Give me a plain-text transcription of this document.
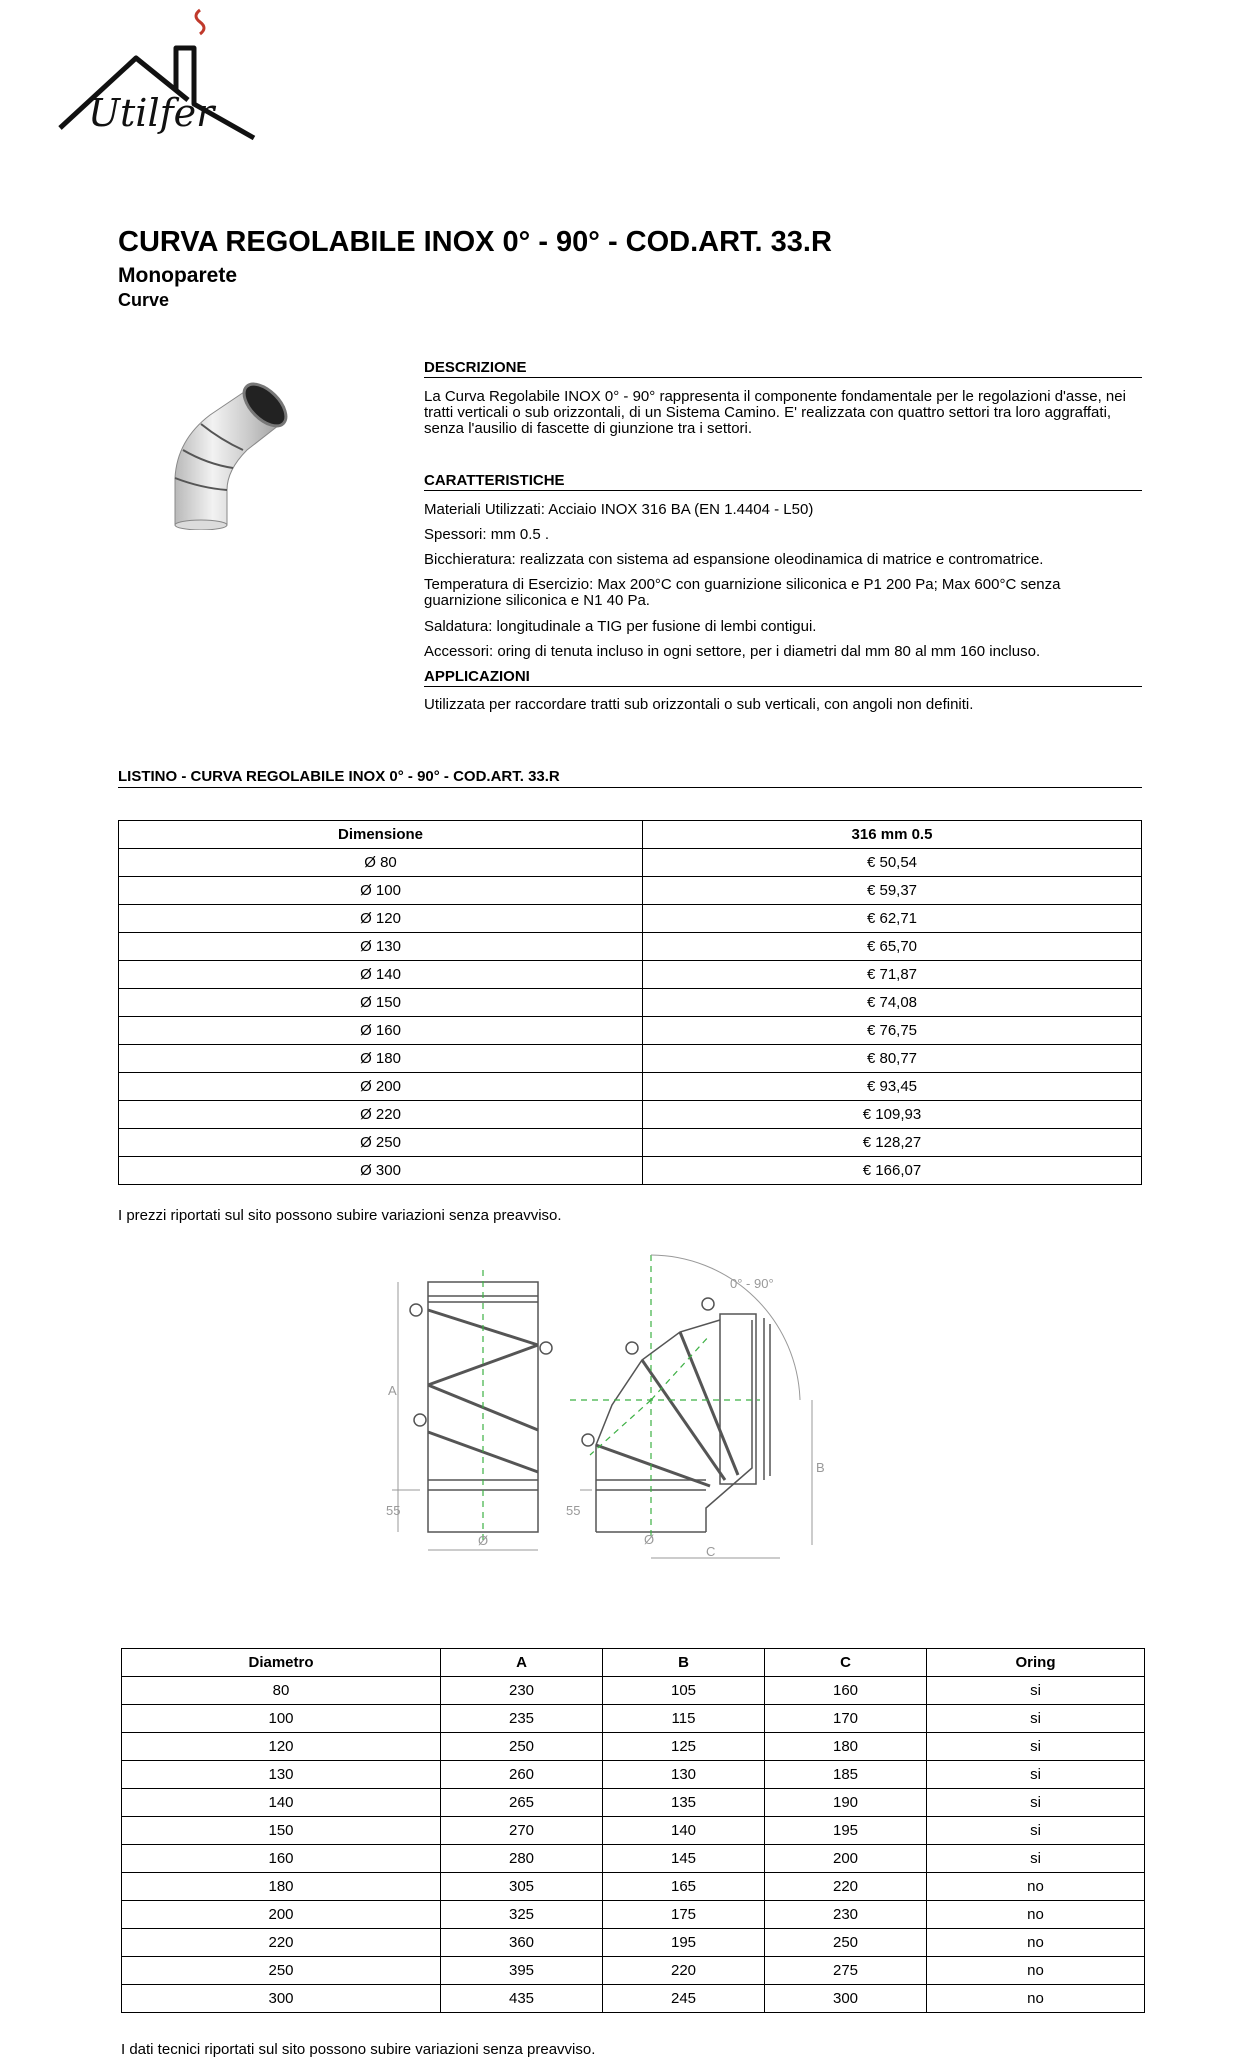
Utilfer
CURVA REGOLABILE INOX 0° - 90° - COD.ART. 33.R
Monoparete
Curve
DESCRIZIONE
La Curva Regolabile INOX 0° - 90° rappresenta il componente fondamentale per le regolazioni d'asse, nei tratti verticali o sub orizzontali, di un Sistema Camino. E' realizzata con quattro settori tra loro aggraffati, senza l'ausilio di fascette di giunzione tra i settori.
CARATTERISTICHE
Materiali Utilizzati: Acciaio INOX 316 BA (EN 1.4404 - L50)
Spessori: mm 0.5 .
Bicchieratura: realizzata con sistema ad espansione oleodinamica di matrice e contromatrice.
Temperatura di Esercizio: Max 200°C con guarnizione siliconica e P1 200 Pa; Max 600°C senza guarnizione siliconica e N1 40 Pa.
Saldatura: longitudinale a TIG per fusione di lembi contigui.
Accessori: oring di tenuta incluso in ogni settore, per i diametri dal mm 80 al mm 160 incluso.
APPLICAZIONI
Utilizzata per raccordare tratti sub orizzontali o sub verticali, con angoli non definiti.
LISTINO - CURVA REGOLABILE INOX 0° - 90° - COD.ART. 33.R
Dimensione	316 mm 0.5
Ø 80	€ 50,54
Ø 100	€ 59,37
Ø 120	€ 62,71
Ø 130	€ 65,70
Ø 140	€ 71,87
Ø 150	€ 74,08
Ø 160	€ 76,75
Ø 180	€ 80,77
Ø 200	€ 93,45
Ø 220	€ 109,93
Ø 250	€ 128,27
Ø 300	€ 166,07
I prezzi riportati sul sito possono subire variazioni senza preavviso.
A
55
Ø
0° - 90°
B
C
55
Ø
Diametro	A	B	C	Oring
80	230	105	160	si
100	235	115	170	si
120	250	125	180	si
130	260	130	185	si
140	265	135	190	si
150	270	140	195	si
160	280	145	200	si
180	305	165	220	no
200	325	175	230	no
220	360	195	250	no
250	395	220	275	no
300	435	245	300	no
I dati tecnici riportati sul sito possono subire variazioni senza preavviso.
